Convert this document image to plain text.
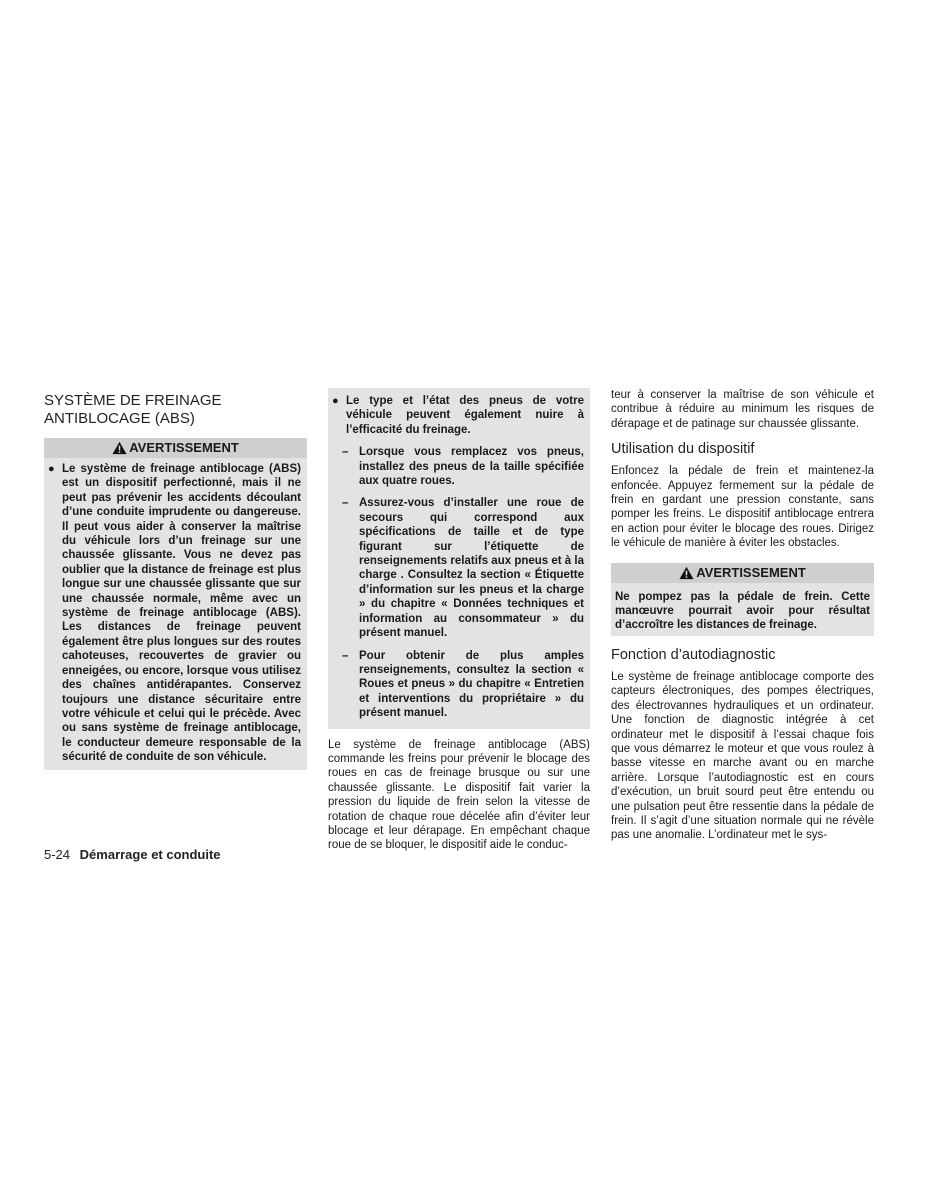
SYSTÈME DE FREINAGE
ANTIBLOCAGE (ABS)
AVERTISSEMENT
● Le système de freinage antiblocage (ABS) est un dispositif perfectionné, mais il ne peut pas prévenir les accidents découlant d’une conduite imprudente ou dangereuse. Il peut vous aider à conserver la maîtrise du véhicule lors d’un freinage sur une chaussée glissante. Vous ne devez pas oublier que la distance de freinage est plus longue sur une chaussée glissante que sur une chaussée normale, même avec un système de freinage antiblocage (ABS). Les distances de freinage peuvent également être plus longues sur des routes cahoteuses, recouvertes de gravier ou enneigées, ou encore, lorsque vous utilisez des chaînes antidérapantes. Conservez toujours une distance sécuritaire entre votre véhicule et celui qui le précède. Avec ou sans système de freinage antiblocage, le conducteur demeure responsable de la sécurité de conduite de son véhicule.
● Le type et l’état des pneus de votre véhicule peuvent également nuire à l’efficacité du freinage.
– Lorsque vous remplacez vos pneus, installez des pneus de la taille spécifiée aux quatre roues.
– Assurez-vous d’installer une roue de secours qui correspond aux spécifications de taille et de type figurant sur l’étiquette de renseignements relatifs aux pneus et à la charge . Consultez la section « Étiquette d’information sur les pneus et la charge » du chapitre « Données techniques et information au consommateur » du présent manuel.
– Pour obtenir de plus amples renseignements, consultez la section « Roues et pneus » du chapitre « Entretien et interventions du propriétaire » du présent manuel.

Le système de freinage antiblocage (ABS) commande les freins pour prévenir le blocage des roues en cas de freinage brusque ou sur une chaussée glissante. Le dispositif fait varier la pression du liquide de frein selon la vitesse de rotation de chaque roue décelée afin d’éviter leur blocage et leur dérapage. En empêchant chaque roue de se bloquer, le dispositif aide le conduc-

teur à conserver la maîtrise de son véhicule et contribue à réduire au minimum les risques de dérapage et de patinage sur chaussée glissante.

Utilisation du dispositif

Enfoncez la pédale de frein et maintenez-la enfoncée. Appuyez fermement sur la pédale de frein en gardant une pression constante, sans pomper les freins. Le dispositif antiblocage entrera en action pour éviter le blocage des roues. Dirigez le véhicule de manière à éviter les obstacles.

AVERTISSEMENT
Ne pompez pas la pédale de frein. Cette manœuvre pourrait avoir pour résultat d’accroître les distances de freinage.
Fonction d’autodiagnostic

Le système de freinage antiblocage comporte des capteurs électroniques, des pompes électriques, des électrovannes hydrauliques et un ordinateur. Une fonction de diagnostic intégrée à cet ordinateur met le dispositif à l’essai chaque fois que vous démarrez le moteur et que vous roulez à basse vitesse en marche avant ou en marche arrière. Lorsque l’autodiagnostic est en cours d’exécution, un bruit sourd peut être entendu ou une pulsation peut être ressentie dans la pédale de frein. Il s’agit d’une situation normale qui ne révèle pas une anomalie. L’ordinateur met le sys-

5-24 Démarrage et conduite
